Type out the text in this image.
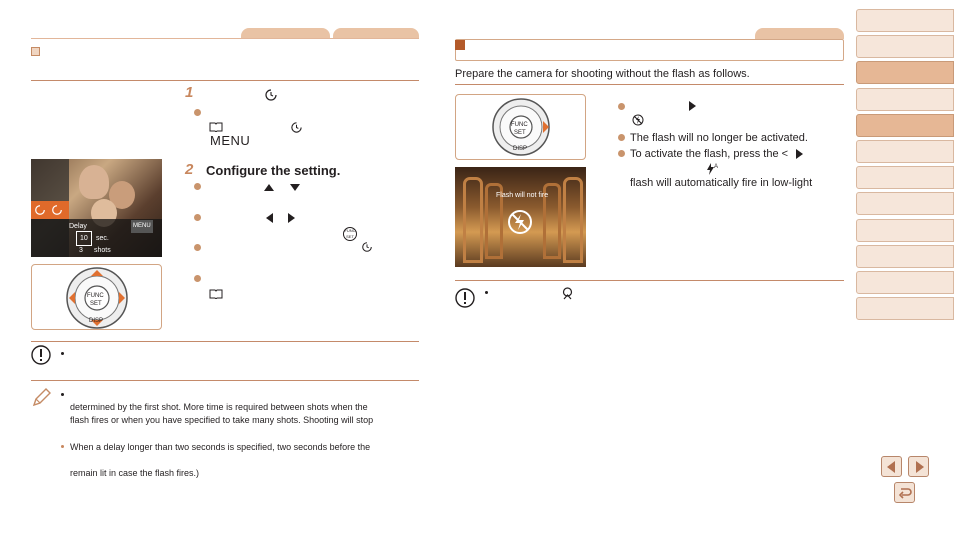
1
MENU
Delay	MENU
10	sec.
3 shots
2 Configure the setting.
FUNC
SET
FUNC
SET
DISP
determined by the first shot. More time is required between shots when the
flash fires or when you have specified to take many shots. Shooting will stop
When a delay longer than two seconds is specified, two seconds before the
remain lit in case the flash fires.)
Prepare the camera for shooting without the flash as follows.
FUNC
SET
DISP
Flash will not fire
The flash will no longer be activated.
To activate the flash, press the <
A
flash will automatically fire in low-light
